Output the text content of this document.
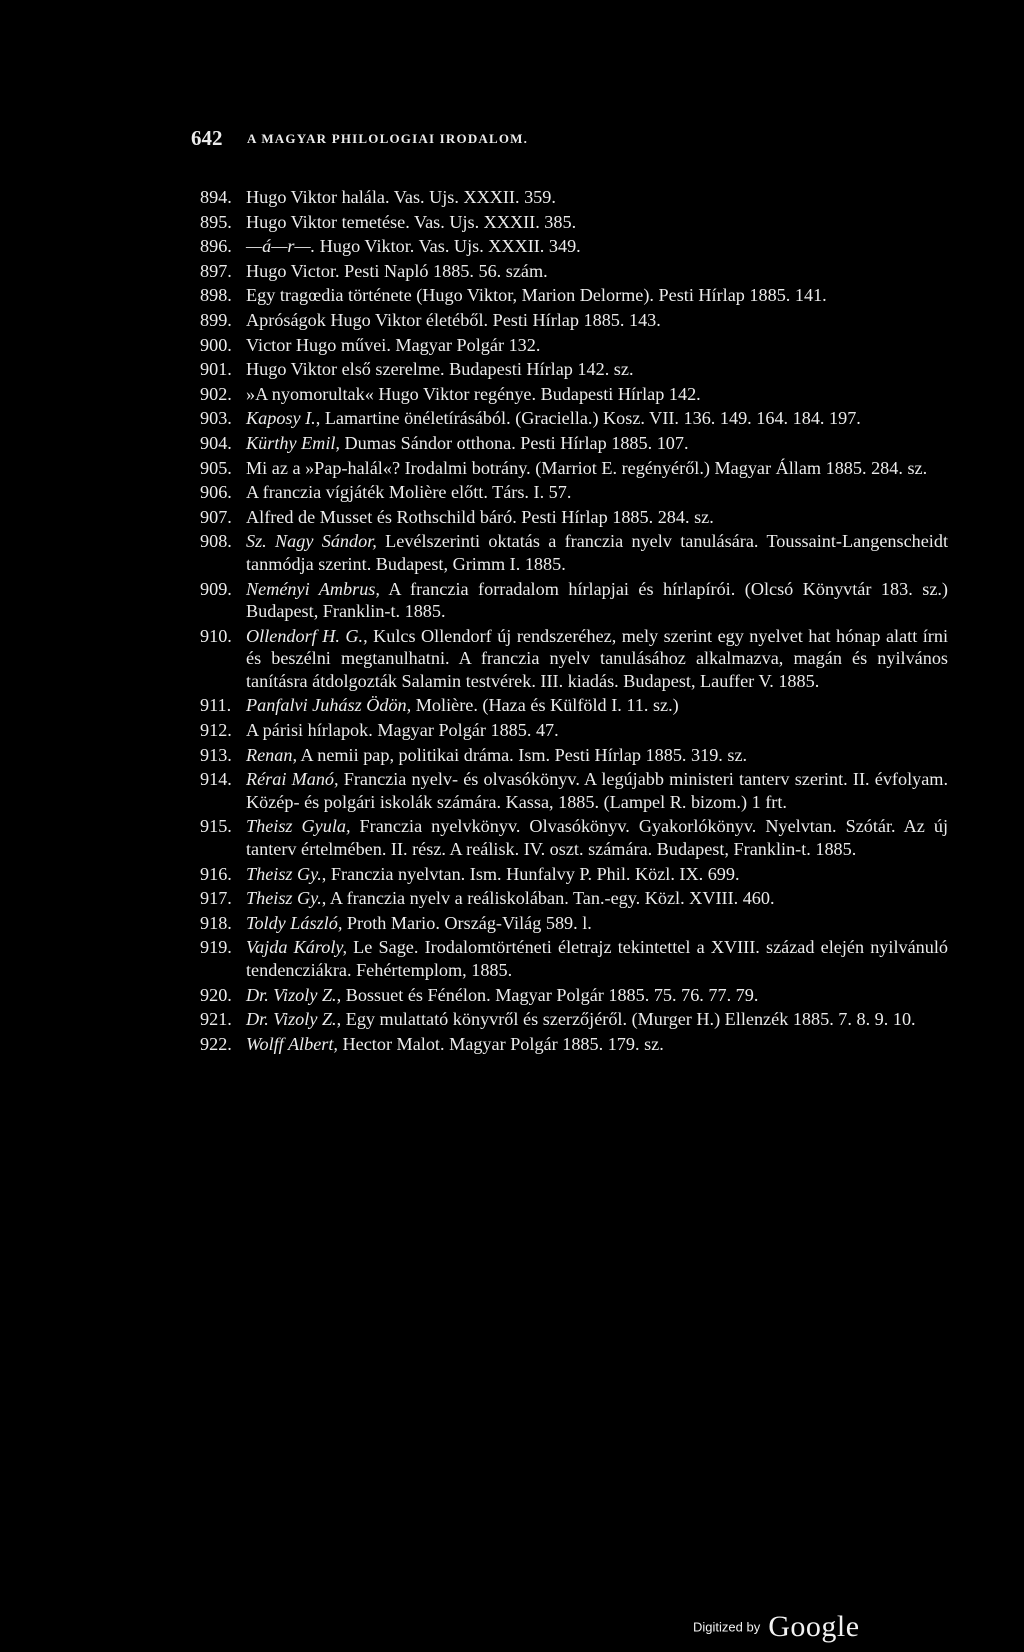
642 A MAGYAR PHILOLOGIAI IRODALOM.
894. Hugo Viktor halála. Vas. Ujs. XXXII. 359.
895. Hugo Viktor temetése. Vas. Ujs. XXXII. 385.
896. —á—r—. Hugo Viktor. Vas. Ujs. XXXII. 349.
897. Hugo Victor. Pesti Napló 1885. 56. szám.
898. Egy tragœdia története (Hugo Viktor, Marion Delorme). Pesti Hírlap 1885. 141.
899. Apróságok Hugo Viktor életéből. Pesti Hírlap 1885. 143.
900. Victor Hugo művei. Magyar Polgár 132.
901. Hugo Viktor első szerelme. Budapesti Hírlap 142. sz.
902. »A nyomorultak« Hugo Viktor regénye. Budapesti Hírlap 142.
903. Kaposy I., Lamartine önéletírásából. (Graciella.) Kosz. VII. 136. 149. 164. 184. 197.
904. Kürthy Emil, Dumas Sándor otthona. Pesti Hírlap 1885. 107.
905. Mi az a »Pap-halál«? Irodalmi botrány. (Marriot E. regényéről.) Magyar Állam 1885. 284. sz.
906. A franczia vígjáték Molière előtt. Társ. I. 57.
907. Alfred de Musset és Rothschild báró. Pesti Hírlap 1885. 284. sz.
908. Sz. Nagy Sándor, Levélszerinti oktatás a franczia nyelv tanulására. Toussaint-Langenscheidt tanmódja szerint. Budapest, Grimm I. 1885.
909. Neményi Ambrus, A franczia forradalom hírlapjai és hírlapírói. (Olcsó Könyvtár 183. sz.) Budapest, Franklin-t. 1885.
910. Ollendorf H. G., Kulcs Ollendorf új rendszeréhez, mely szerint egy nyelvet hat hónap alatt írni és beszélni megtanulhatni. A franczia nyelv tanulásához alkalmazva, magán és nyilvános tanításra átdolgozták Salamin testvérek. III. kiadás. Budapest, Lauffer V. 1885.
911. Panfalvi Juhász Ödön, Molière. (Haza és Külföld I. 11. sz.)
912. A párisi hírlapok. Magyar Polgár 1885. 47.
913. Renan, A nemii pap, politikai dráma. Ism. Pesti Hírlap 1885. 319. sz.
914. Rérai Manó, Franczia nyelv- és olvasókönyv. A legújabb ministeri tanterv szerint. II. évfolyam. Közép- és polgári iskolák számára. Kassa, 1885. (Lampel R. bizom.) 1 frt.
915. Theisz Gyula, Franczia nyelvkönyv. Olvasókönyv. Gyakorlókönyv. Nyelvtan. Szótár. Az új tanterv értelmében. II. rész. A reálisk. IV. oszt. számára. Budapest, Franklin-t. 1885.
916. Theisz Gy., Franczia nyelvtan. Ism. Hunfalvy P. Phil. Közl. IX. 699.
917. Theisz Gy., A franczia nyelv a reáliskolában. Tan.-egy. Közl. XVIII. 460.
918. Toldy László, Proth Mario. Ország-Világ 589. l.
919. Vajda Károly, Le Sage. Irodalomtörténeti életrajz tekintettel a XVIII. század elején nyilvánuló tendencziákra. Fehértemplom, 1885.
920. Dr. Vizoly Z., Bossuet és Fénélon. Magyar Polgár 1885. 75. 76. 77. 79.
921. Dr. Vizoly Z., Egy mulattató könyvről és szerzőjéről. (Murger H.) Ellenzék 1885. 7. 8. 9. 10.
922. Wolff Albert, Hector Malot. Magyar Polgár 1885. 179. sz.
Digitized by Google
